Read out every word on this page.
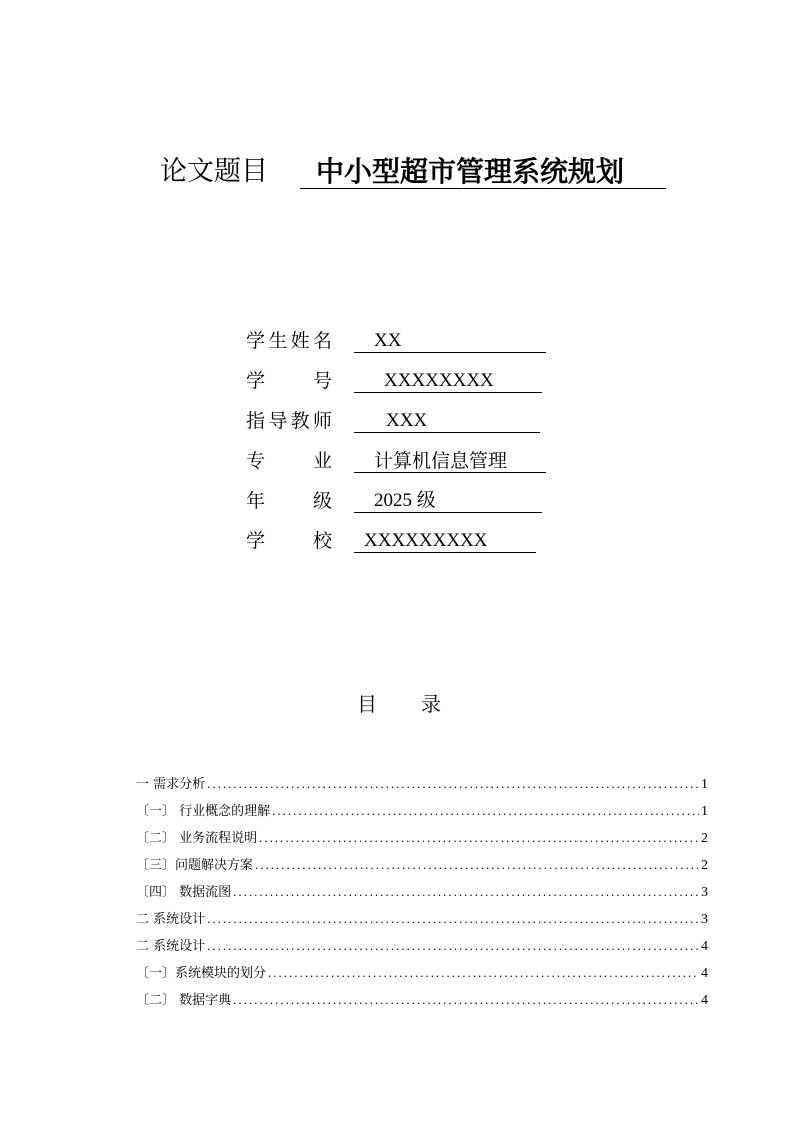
论文题目 中小型超市管理系统规划
学 生 姓 名 XX
学	号	XXXXXXXX
指 导 教 师	XXX
专	业 计算机信息管理
年	级 2025 级
学	校 XXXXXXXXX
目 录
一 需求分析 .....	1
〔一〕 行业概念的理解 .....	1
〔二〕 业务流程说明 .....	2
〔三〕问题解决方案 .....	2
〔四〕 数据流图 .....	3
二 系统设计 .....	3
二 系统设计 .....	4
〔一〕系统模块的划分 .....	4
〔二〕 数据字典 .....	4
